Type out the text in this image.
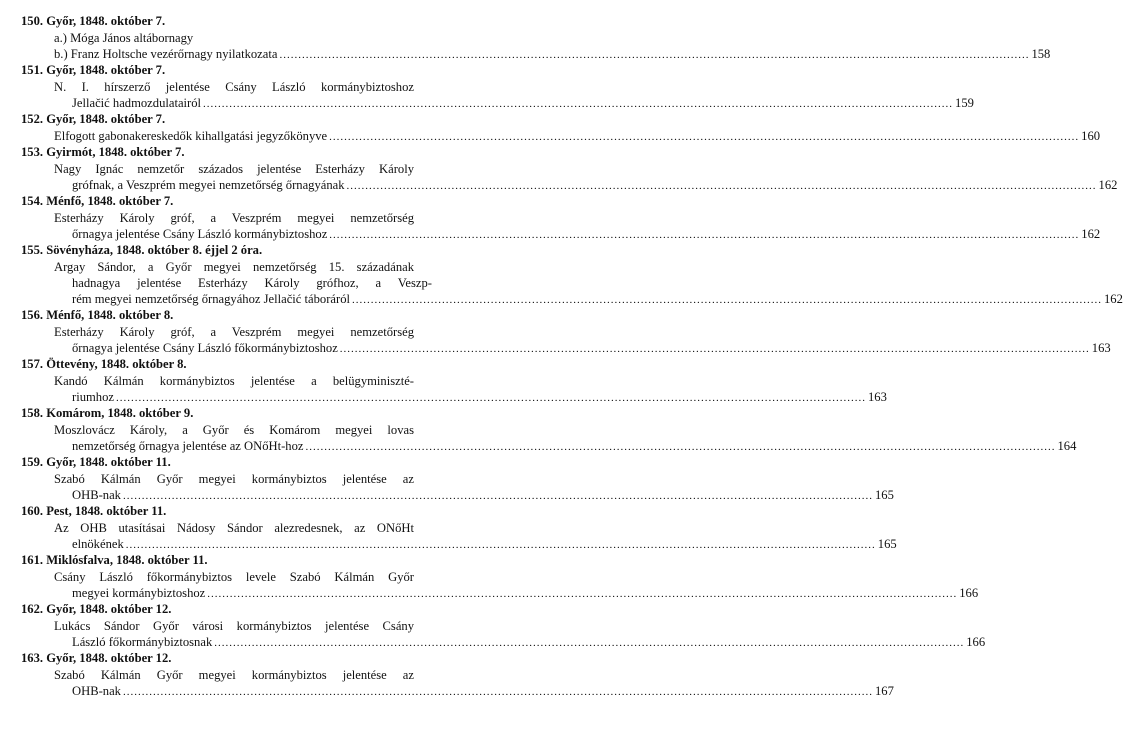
150. Győr, 1848. október 7.
a.) Móga János altábornagy
b.) Franz Holtsche vezérőrnagy nyilatkozata ........................................................................................................................................................................................................ 158
151. Győr, 1848. október 7.
N. I. hírszerző jelentése Csány László kormánybiztoshoz
Jellačić hadmozdulatairól ........................................................................................................................................................................................................ 159
152. Győr, 1848. október 7.
Elfogott gabonakereskedők kihallgatási jegyzőkönyve ........................................................................................................................................................................................................ 160
153. Gyirmót, 1848. október 7.
Nagy Ignác nemzetőr százados jelentése Esterházy Károly
grófnak, a Veszprém megyei nemzetőrség őrnagyának ........................................................................................................................................................................................................ 162
154. Ménfő, 1848. október 7.
Esterházy Károly gróf, a Veszprém megyei nemzetőrség
őrnagya jelentése Csány László kormánybiztoshoz ........................................................................................................................................................................................................ 162
155. Sövényháza, 1848. október 8. éjjel 2 óra.
Argay Sándor, a Győr megyei nemzetőrség 15. századának
hadnagya jelentése Esterházy Károly grófhoz, a Veszp-
rém megyei nemzetőrség őrnagyához Jellačić táboráról ........................................................................................................................................................................................................ 162
156. Ménfő, 1848. október 8.
Esterházy Károly gróf, a Veszprém megyei nemzetőrség
őrnagya jelentése Csány László főkormánybiztoshoz ........................................................................................................................................................................................................ 163
157. Öttevény, 1848. október 8.
Kandó Kálmán kormánybiztos jelentése a belügyminiszté-
riumhoz ........................................................................................................................................................................................................ 163
158. Komárom, 1848. október 9.
Moszlovácz Károly, a Győr és Komárom megyei lovas
nemzetőrség őrnagya jelentése az ONőHt-hoz ........................................................................................................................................................................................................ 164
159. Győr, 1848. október 11.
Szabó Kálmán Győr megyei kormánybiztos jelentése az
OHB-nak ........................................................................................................................................................................................................ 165
160. Pest, 1848. október 11.
Az OHB utasításai Nádosy Sándor alezredesnek, az ONőHt
elnökének ........................................................................................................................................................................................................ 165
161. Miklósfalva, 1848. október 11.
Csány László főkormánybiztos levele Szabó Kálmán Győr
megyei kormánybiztoshoz ........................................................................................................................................................................................................ 166
162. Győr, 1848. október 12.
Lukács Sándor Győr városi kormánybiztos jelentése Csány
László főkormánybiztosnak ........................................................................................................................................................................................................ 166
163. Győr, 1848. október 12.
Szabó Kálmán Győr megyei kormánybiztos jelentése az
OHB-nak ........................................................................................................................................................................................................ 167
